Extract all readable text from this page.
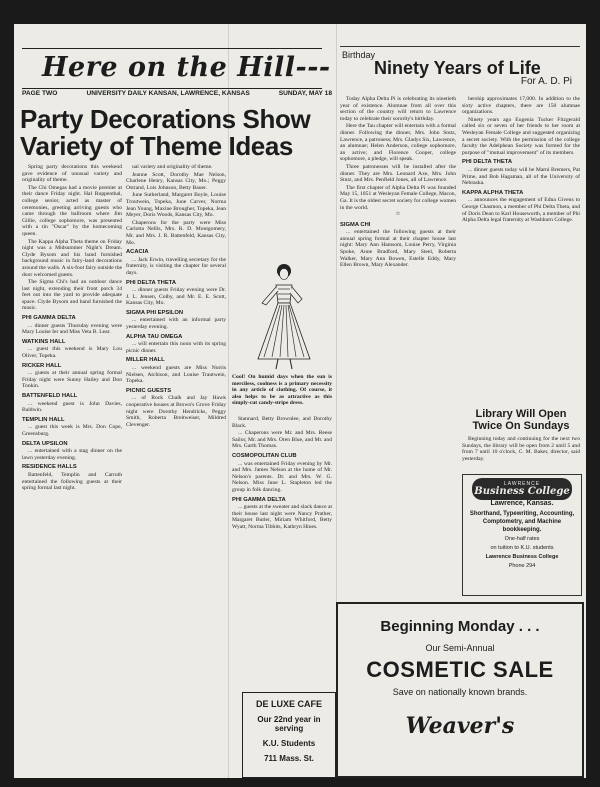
Here on the Hill---
PAGE TWO	UNIVERSITY DAILY KANSAN, LAWRENCE, KANSAS	SUNDAY, MAY 18
Party Decorations Show Variety of Theme Ideas

Spring party decorations this weekend gave evidence of unusual variety and originality of theme.

The Chi Omegas had a movie premier at their dance Friday night. Hal Ruppenthal, college senior, acted as master of ceremonies, greeting arriving guests who came through the ballroom where Jim Gillie, college sophomore, was presented with a tin "Oscar" by the homecoming queen.

The Kappa Alpha Theta theme on Friday night was a Midsummer Night's Dream. Clyde Bysom and his band furnished background music in fairy-land decorations around the walls. A six-foot fairy outside the door welcomed guests.

The Sigma Chi's had an outdoor dance last night, extending their front porch 34 feet out into the yard to provide adequate space. Clyde Bysom and band furnished the music.

PHI GAMMA DELTA

... dinner guests Thursday evening were Mary Louise Ier and Miss Veta B. Lear.

WATKINS HALL

... guest this weekend is Mary Lou Oliver, Topeka.

RICKER HALL

... guests at their annual spring formal Friday night were Sunny Hailey and Don Tonkin.

BATTENFELD HALL

... weekend guest is John Davies, Baldwin.

TEMPLIN HALL

... guest this week is Mrs. Don Cope, Greensburg.

DELTA UPSILON

... entertained with a stag dinner on the lawn yesterday evening.

RESIDENCE HALLS

Battenfeld, Templin and Carruth entertained the following guests at their spring formal last night.

ual variety and originality of theme.

Jeanne Scott, Dorothy Mae Nelson, Charlene Henry, Kansas City, Mo.; Peggy Ostrand, Lois Johnson, Betty Bauer.

June Sutherland, Margaret Boyle, Louise Troutwein, Topeka, June Carver, Norma Jean Young, Maxine Brougher, Topeka, Jean Meyer, Doris Woods, Kansas City, Mo.

Chaperons for the party were Miss Carlotta Nellis, Mrs. R. D. Montgomery, Mr. and Mrs. J. R. Battenfeld, Kansas City, Mo.

ACACIA

... Jack Erwin, travelling secretary for the fraternity, is visiting the chapter for several days.

PHI DELTA THETA

... dinner guests Friday evening were Dr. J. L. Jensen, Colby, and Mr. E. E. Scott, Kansas City, Mo.

SIGMA PHI EPSILON

... entertained with an informal party yesterday evening.

ALPHA TAU OMEGA

... will entertain this noon with its spring picnic dinner.

MILLER HALL

... weekend guests are Miss Norris Nielsen, Atchison, and Louise Trautwein, Topeka.

PICNIC GUESTS

... of Rock Chalk and Jay Hawk cooperative houses at Brown's Grove Friday night were Dorothy Hendricks, Peggy Smith, Roberta Breitweiser, Mildred Clevenger.

Cool! On humid days when the sun is merciless, coolness is a primary necessity in any article of clothing. Of course, it also helps to be as attractive as this simply-cut candy-stripe dress.

Stannard, Betty Brownlee, and Dorothy Black.

... Chaperons were Mr. and Mrs. Reese Sailor, Mr. and Mrs. Oren Blue, and Mr. and Mrs. Garth Thomas.

COSMOPOLITAN CLUB

... was entertained Friday evening by Mr. and Mrs. James Nelson at the home of Mr. Nelson's parents. Dr. and Mrs. W. G. Nelson. Miss June L. Stapleton led the group in folk dancing.

PHI GAMMA DELTA

... guests at the sweater and slack dance at their house last night were Nancy Prather, Margaret Butler, Miriam Whitford, Betty Wyatt, Norma Tibbits, Kathryn Hines.

Birthday
Ninety Years of Life
For A. D. Pi

Today Alpha Delta Pi is celebrating its ninetieth year of existence. Alumnae from all over this section of the country will return to Lawrence today to celebrate their sorority's birthday.

Here the Tau chapter will entertain with a formal dinner. Following the dinner, Mrs. John Stutz, Lawrence, a patroness; Mrs. Gladys Six, Lawrence, an alumnae; Helen Anderson, college sophomore, an active; and Florence Cooper, college sophomore, a pledge, will speak.

Three patronesses will be installed after the dinner. They are Mrs. Leonard Axe, Mrs. John Stutz, and Mrs. Penfield Jones, all of Lawrence.

The first chapter of Alpha Delta Pi was founded May 15, 1851 at Wesleyan Female College, Macon, Ga. It is the oldest secret society for college women in the world.

✩
SIGMA CHI

... entertained the following guests at their annual spring formal at their chapter house last night: Mary Ann Hamsom, Louise Perry, Virginia Spoke, Anne Bradford, Mary Steel, Roberta Walker, Mary Ann Bowen, Estelle Eddy, Mary Ellen Brown, Mary Alexander.

bership approximates 17,000. In addition to the sixty active chapters, there are 150 alumnae organizations.

Ninety years ago Eugenia Tucker Fitzgerald called six or seven of her friends to her room at Wesleyan Female College and suggested organizing a secret society. With the permission of the college faculty the Adelphean Society was formed for the purpose of "mutual improvement" of its members.

PHI DELTA THETA

... dinner guests today will be Marni Bremers, Pat Prime, and Bob Hagaman, all of the University of Nebraska.

KAPPA ALPHA THETA

... announces the engagement of Edna Givens to George Chasmon, a member of Phi Delta Theta, and of Doris Dean to Karl Houseworth, a member of Phi Alpha Delta legal fraternity at Washburn College.

Library Will Open Twice On Sundays

Beginning today and continuing for the next two Sundays, the library will be open from 2 until 5 and from 7 until 10 o'clock, C. M. Baker, director, said yesterday.

LAWRENCE
Business College
Lawrence, Kansas.
Shorthand, Typewriting, Accounting, Comptometry, and Machine bookkeeping.
One-half rates
on tuition to K.U. students
Lawrence Business College
Phone 294
DE LUXE CAFE
Our 22nd year in serving
K.U. Students
711 Mass. St.
Beginning Monday . . .
Our Semi-Annual
COSMETIC SALE
Save on nationally known brands.
Weaver's
